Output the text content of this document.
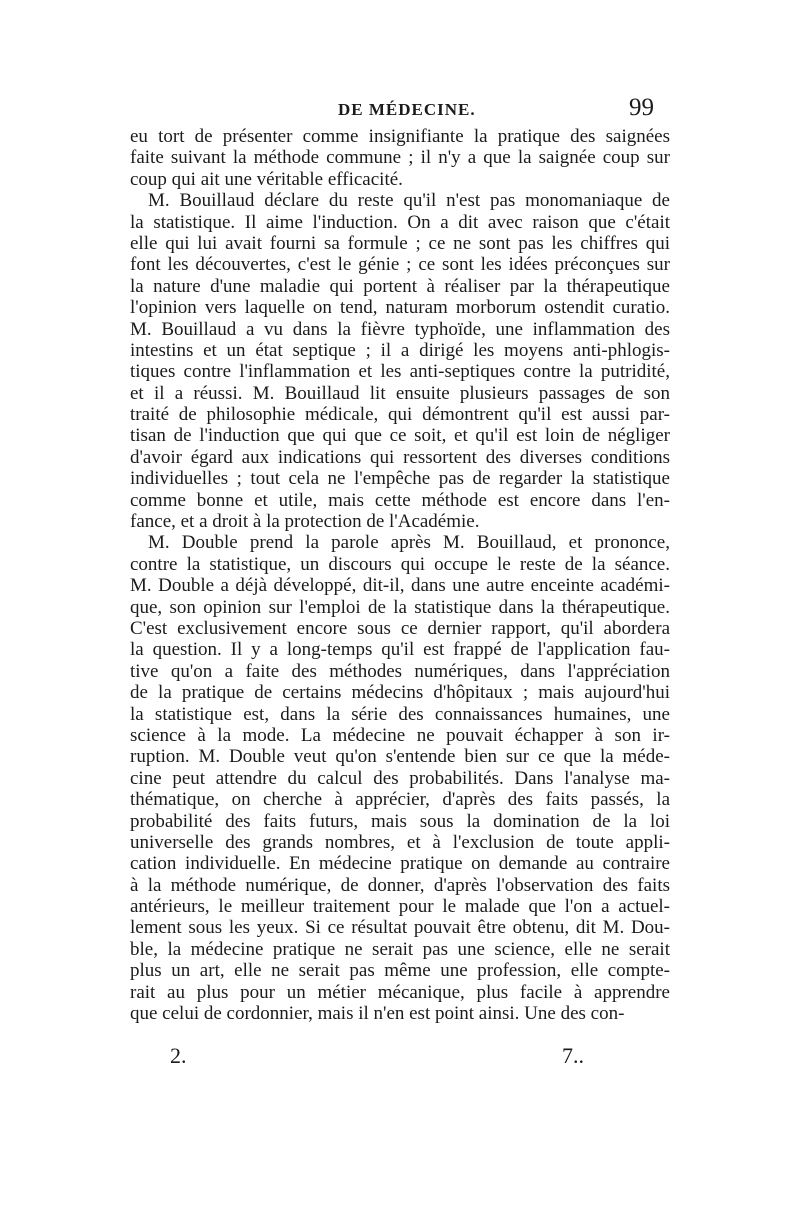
DE MÉDECINE.	99
eu tort de présenter comme insignifiante la pratique des saignées
faite suivant la méthode commune ; il n'y a que la saignée coup sur
coup qui ait une véritable efficacité.
M. Bouillaud déclare du reste qu'il n'est pas monomaniaque de
la statistique. Il aime l'induction. On a dit avec raison que c'était
elle qui lui avait fourni sa formule ; ce ne sont pas les chiffres qui
font les découvertes, c'est le génie ; ce sont les idées préconçues sur
la nature d'une maladie qui portent à réaliser par la thérapeutique
l'opinion vers laquelle on tend, naturam morborum ostendit curatio.
M. Bouillaud a vu dans la fièvre typhoïde, une inflammation des
intestins et un état septique ; il a dirigé les moyens anti-phlogis-
tiques contre l'inflammation et les anti-septiques contre la putridité,
et il a réussi. M. Bouillaud lit ensuite plusieurs passages de son
traité de philosophie médicale, qui démontrent qu'il est aussi par-
tisan de l'induction que qui que ce soit, et qu'il est loin de négliger
d'avoir égard aux indications qui ressortent des diverses conditions
individuelles ; tout cela ne l'empêche pas de regarder la statistique
comme bonne et utile, mais cette méthode est encore dans l'en-
fance, et a droit à la protection de l'Académie.
M. Double prend la parole après M. Bouillaud, et prononce,
contre la statistique, un discours qui occupe le reste de la séance.
M. Double a déjà développé, dit-il, dans une autre enceinte académi-
que, son opinion sur l'emploi de la statistique dans la thérapeutique.
C'est exclusivement encore sous ce dernier rapport, qu'il abordera
la question. Il y a long-temps qu'il est frappé de l'application fau-
tive qu'on a faite des méthodes numériques, dans l'appréciation
de la pratique de certains médecins d'hôpitaux ; mais aujourd'hui
la statistique est, dans la série des connaissances humaines, une
science à la mode. La médecine ne pouvait échapper à son ir-
ruption. M. Double veut qu'on s'entende bien sur ce que la méde-
cine peut attendre du calcul des probabilités. Dans l'analyse ma-
thématique, on cherche à apprécier, d'après des faits passés, la
probabilité des faits futurs, mais sous la domination de la loi
universelle des grands nombres, et à l'exclusion de toute appli-
cation individuelle. En médecine pratique on demande au contraire
à la méthode numérique, de donner, d'après l'observation des faits
antérieurs, le meilleur traitement pour le malade que l'on a actuel-
lement sous les yeux. Si ce résultat pouvait être obtenu, dit M. Dou-
ble, la médecine pratique ne serait pas une science, elle ne serait
plus un art, elle ne serait pas même une profession, elle compte-
rait au plus pour un métier mécanique, plus facile à apprendre
que celui de cordonnier, mais il n'en est point ainsi. Une des con-
2.	7..
